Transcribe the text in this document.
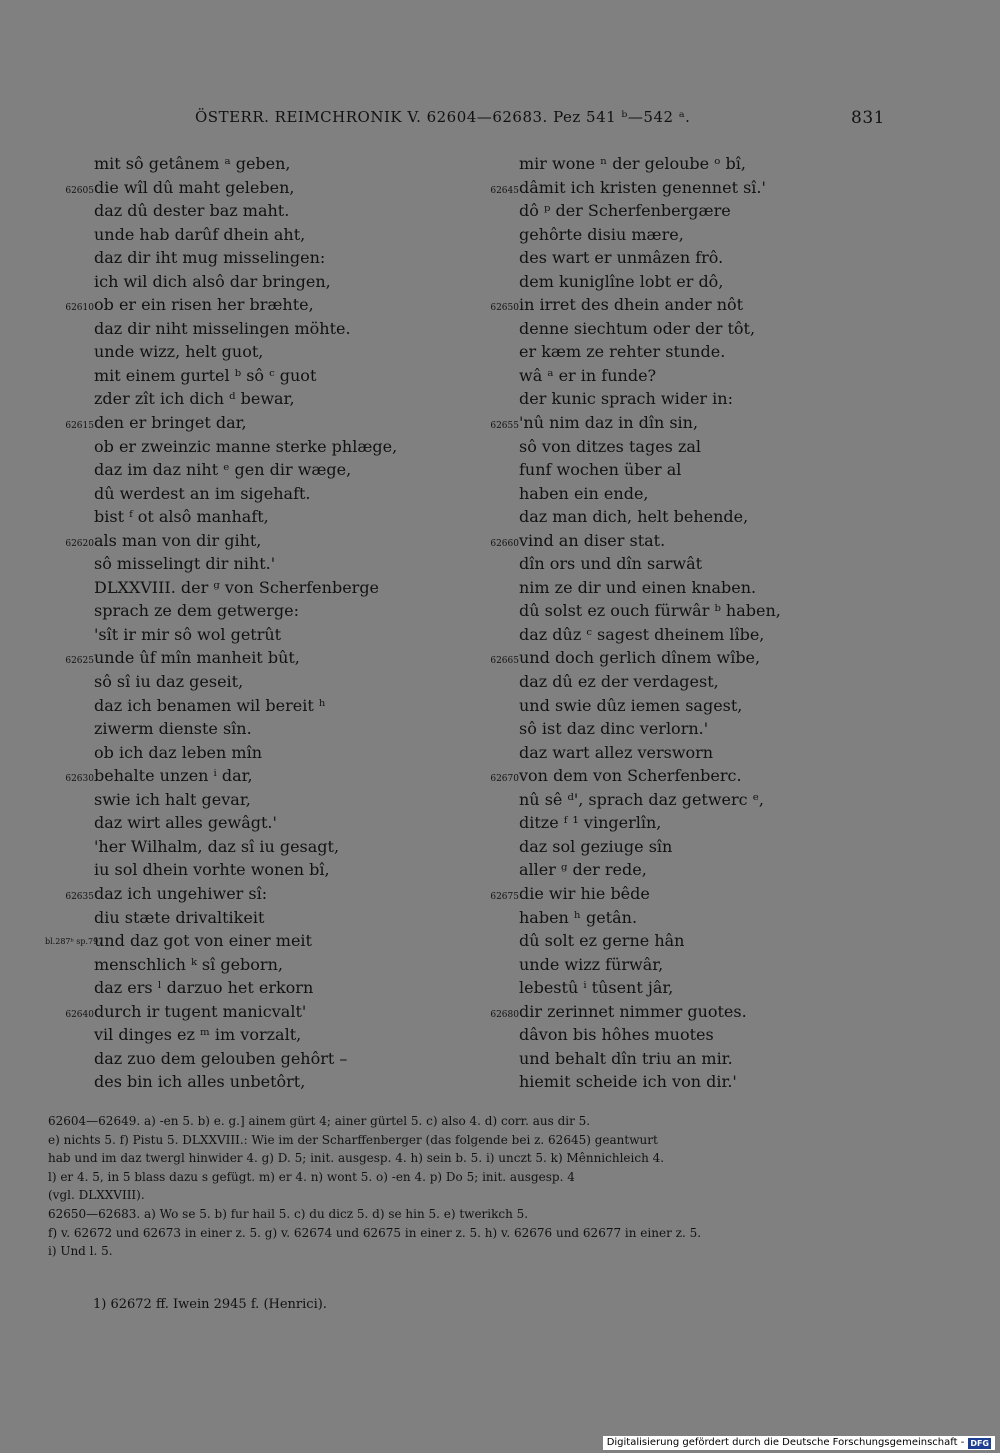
ÖSTERR. REIMCHRONIK V. 62604—62683. Pez 541 ᵇ—542 ᵃ.	831
mit sô getânem ᵃ geben,
62605die wîl dû maht geleben,
daz dû dester baz maht.
unde hab darûf dhein aht,
daz dir iht mug misselingen:
ich wil dich alsô dar bringen,
62610ob er ein risen her bræhte,
daz dir niht misselingen möhte.
unde wizz, helt guot,
mit einem gurtel ᵇ sô ᶜ guot
zder zît ich dich ᵈ bewar,
62615den er bringet dar,
ob er zweinzic manne sterke phlæge,
daz im daz niht ᵉ gen dir wæge,
dû werdest an im sigehaft.
bist ᶠ ot alsô manhaft,
62620als man von dir giht,
sô misselingt dir niht.'
DLXXVIII. der ᵍ von Scherfenberge
sprach ze dem getwerge:
'sît ir mir sô wol getrût
62625unde ûf mîn manheit bût,
sô sî iu daz geseit,
daz ich benamen wil bereit ʰ
ziwerm dienste sîn.
ob ich daz leben mîn
62630behalte unzen ⁱ dar,
swie ich halt gevar,
daz wirt alles gewâgt.'
'her Wilhalm, daz sî iu gesagt,
iu sol dhein vorhte wonen bî,
62635daz ich ungehiwer sî:
diu stæte drivaltikeit
bl.287ᵇ sp.797und daz got von einer meit
menschlich ᵏ sî geborn,
daz ers ˡ darzuo het erkorn
62640durch ir tugent manicvalt'
vil dinges ez ᵐ im vorzalt,
daz zuo dem gelouben gehôrt –
des bin ich alles unbetôrt,
mir wone ⁿ der geloube ᵒ bî,
62645dâmit ich kristen genennet sî.'
dô ᵖ der Scherfenbergære
gehôrte disiu mære,
des wart er unmâzen frô.
dem kuniglîne lobt er dô,
62650in irret des dhein ander nôt
denne siechtum oder der tôt,
er kæm ze rehter stunde.
wâ ᵃ er in funde?
der kunic sprach wider in:
62655'nû nim daz in dîn sin,
sô von ditzes tages zal
funf wochen über al
haben ein ende,
daz man dich, helt behende,
62660vind an diser stat.
dîn ors und dîn sarwât
nim ze dir und einen knaben.
dû solst ez ouch fürwâr ᵇ haben,
daz dûz ᶜ sagest dheinem lîbe,
62665und doch gerlich dînem wîbe,
daz dû ez der verdagest,
und swie dûz iemen sagest,
sô ist daz dinc verlorn.'
daz wart allez versworn
62670von dem von Scherfenberc.
nû sê ᵈ', sprach daz getwerc ᵉ,
ditze ᶠ ¹ vingerlîn,
daz sol geziuge sîn
aller ᵍ der rede,
62675die wir hie bêde
haben ʰ getân.
dû solt ez gerne hân
unde wizz fürwâr,
lebestû ⁱ tûsent jâr,
62680dir zerinnet nimmer guotes.
dâvon bis hôhes muotes
und behalt dîn triu an mir.
hiemit scheide ich von dir.'
62604—62649. a) -en 5. b) e. g.] ainem gürt 4; ainer gürtel 5. c) also 4. d) corr. aus dir 5.
e) nichts 5. f) Pistu 5. DLXXVIII.: Wie im der Scharffenberger (das folgende bei z. 62645) geantwurt
hab und im daz twergl hinwider 4. g) D. 5; init. ausgesp. 4. h) sein b. 5. i) unczt 5. k) Mênnichleich 4.
l) er 4. 5, in 5 blass dazu s gefügt. m) er 4. n) wont 5. o) -en 4. p) Do 5; init. ausgesp. 4
(vgl. DLXXVIII).
62650—62683. a) Wo se 5. b) fur hail 5. c) du dicz 5. d) se hin 5. e) twerikch 5.
f) v. 62672 und 62673 in einer z. 5. g) v. 62674 und 62675 in einer z. 5. h) v. 62676 und 62677 in einer z. 5.
i) Und l. 5.
1) 62672 ff. Iwein 2945 f. (Henrici).
Digitalisierung gefördert durch die Deutsche Forschungsgemeinschaft - DFG
